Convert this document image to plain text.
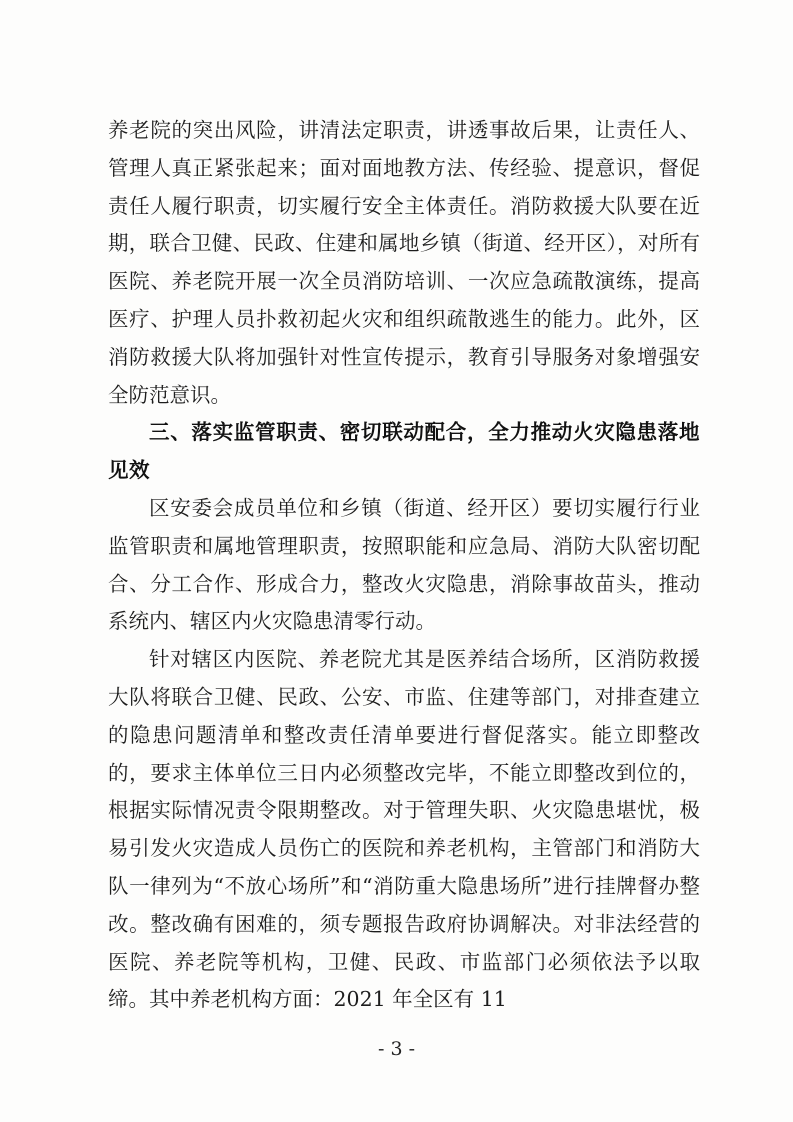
养老院的突出风险，讲清法定职责，讲透事故后果，让责任人、管理人真正紧张起来；面对面地教方法、传经验、提意识，督促责任人履行职责，切实履行安全主体责任。消防救援大队要在近期，联合卫健、民政、住建和属地乡镇（街道、经开区），对所有医院、养老院开展一次全员消防培训、一次应急疏散演练，提高医疗、护理人员扑救初起火灾和组织疏散逃生的能力。此外，区消防救援大队将加强针对性宣传提示，教育引导服务对象增强安全防范意识。

三、落实监管职责、密切联动配合，全力推动火灾隐患落地见效

区安委会成员单位和乡镇（街道、经开区）要切实履行行业监管职责和属地管理职责，按照职能和应急局、消防大队密切配合、分工合作、形成合力，整改火灾隐患，消除事故苗头，推动系统内、辖区内火灾隐患清零行动。

针对辖区内医院、养老院尤其是医养结合场所，区消防救援大队将联合卫健、民政、公安、市监、住建等部门，对排查建立的隐患问题清单和整改责任清单要进行督促落实。能立即整改的，要求主体单位三日内必须整改完毕，不能立即整改到位的，根据实际情况责令限期整改。对于管理失职、火灾隐患堪忧，极易引发火灾造成人员伤亡的医院和养老机构，主管部门和消防大队一律列为“不放心场所”和“消防重大隐患场所”进行挂牌督办整改。整改确有困难的，须专题报告政府协调解决。对非法经营的医院、养老院等机构，卫健、民政、市监部门必须依法予以取缔。其中养老机构方面：2021 年全区有 11

- 3 -
